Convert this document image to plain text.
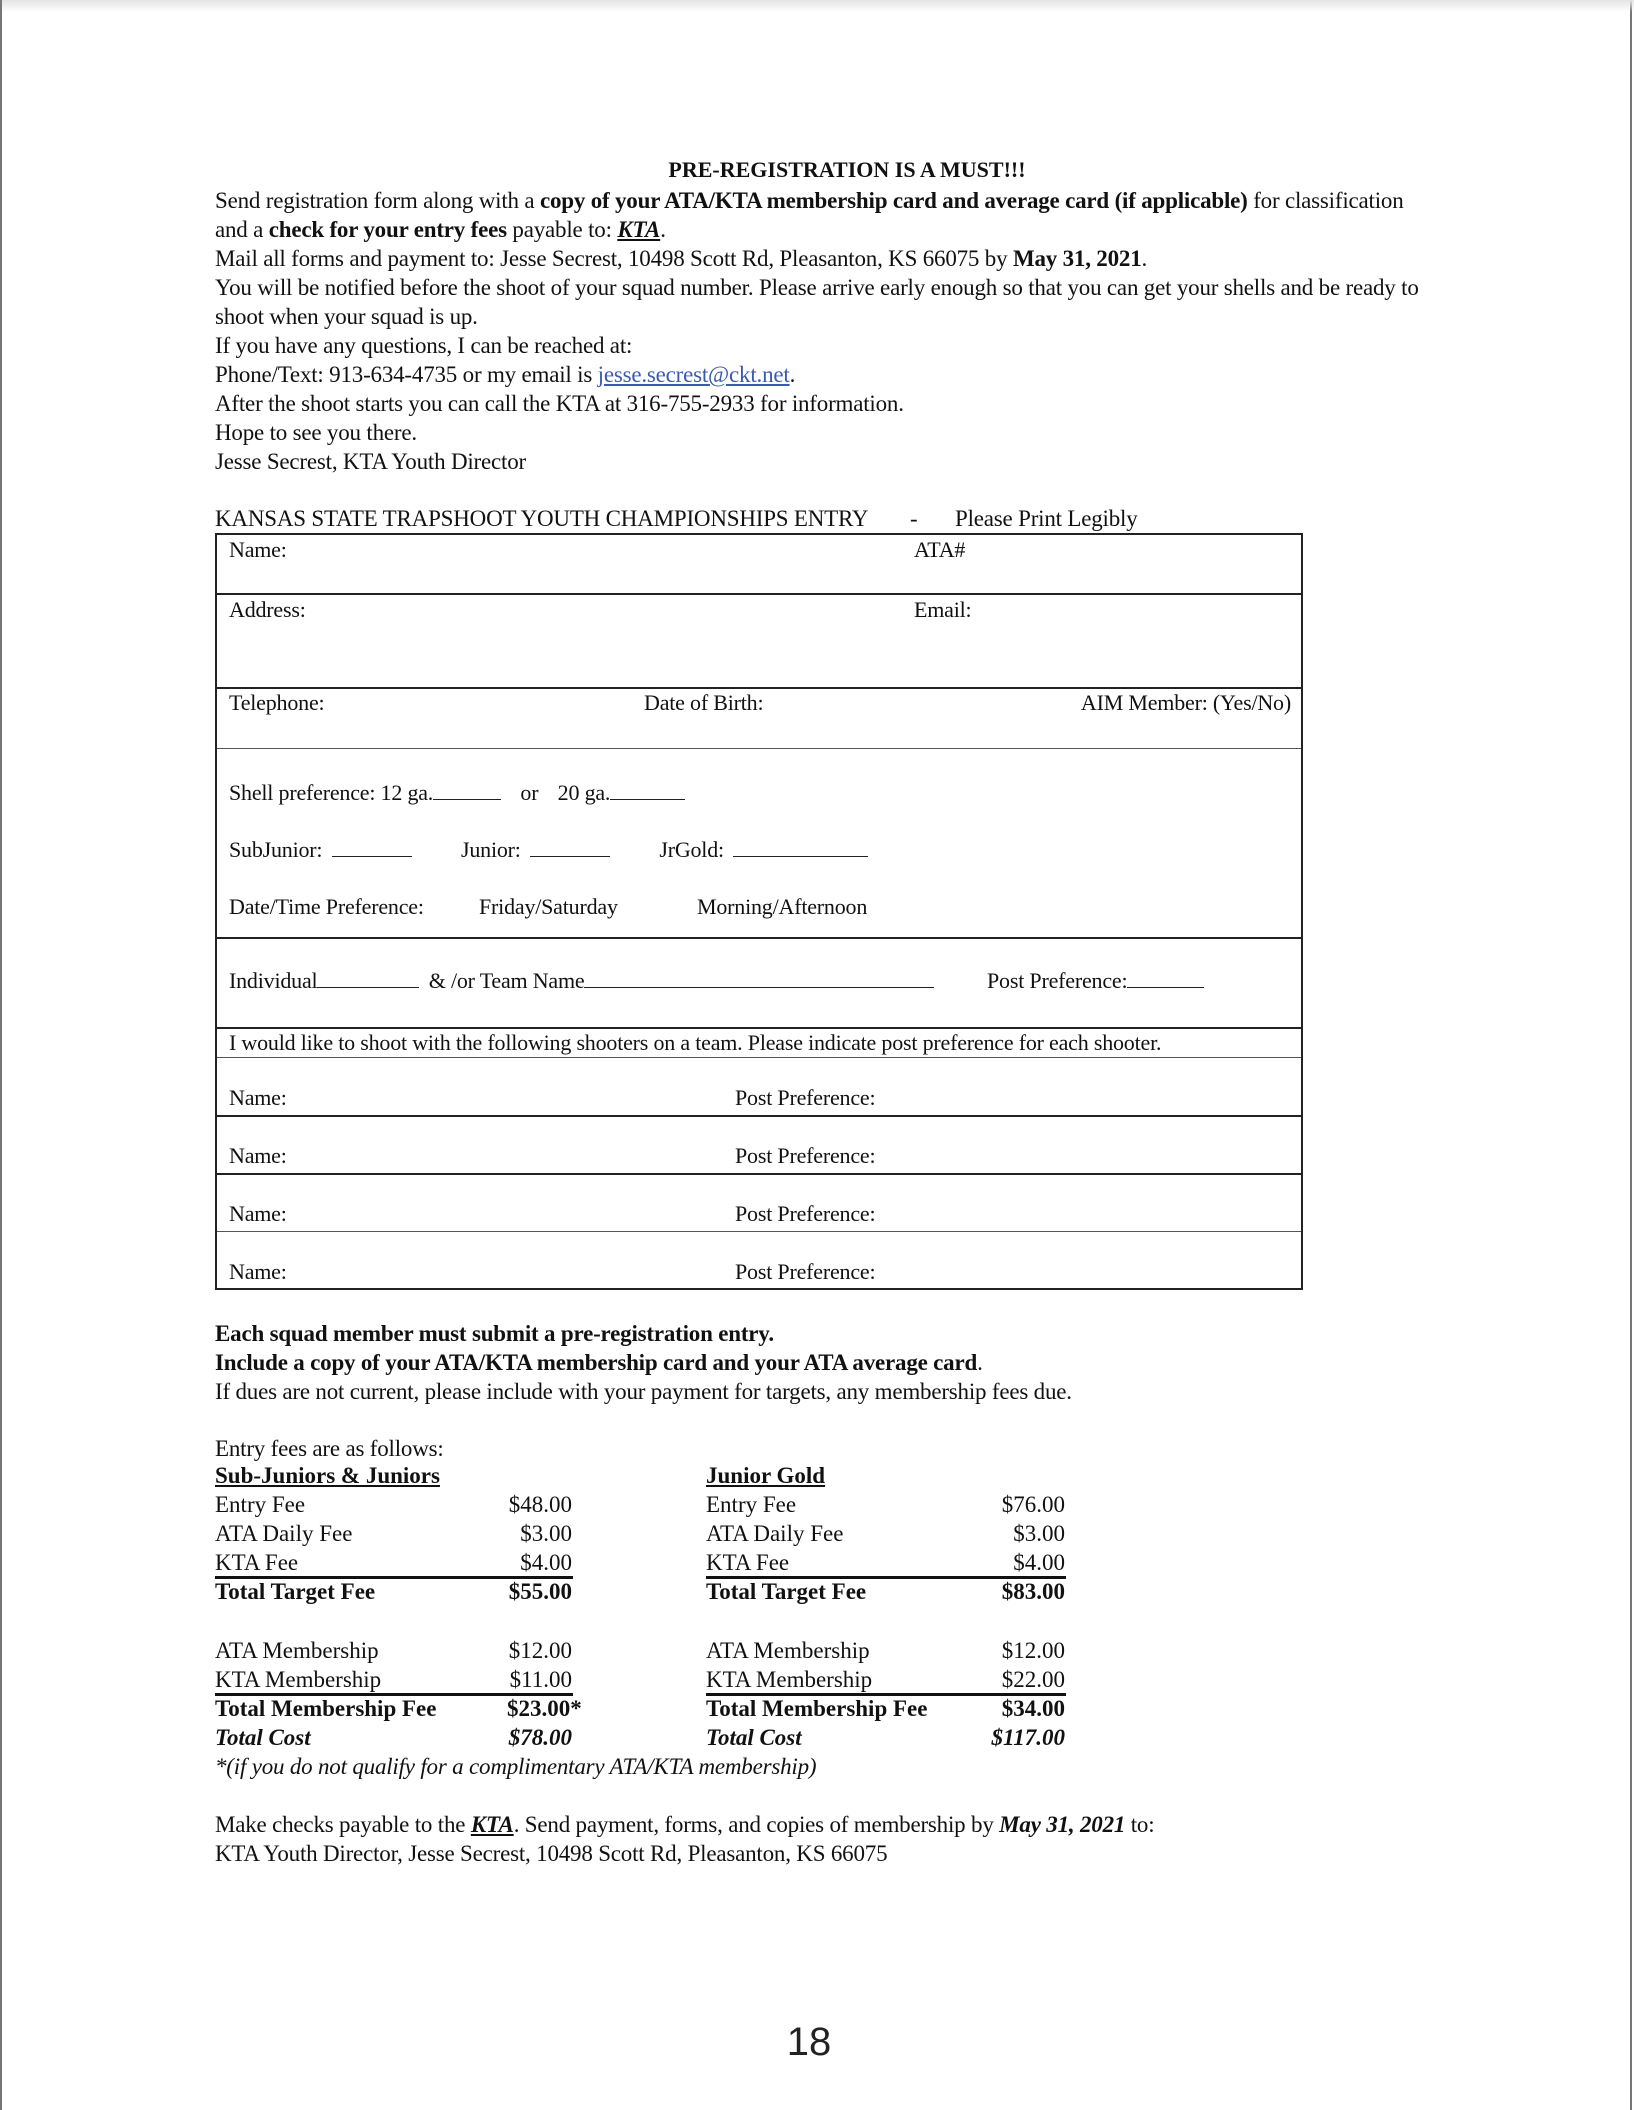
PRE-REGISTRATION IS A MUST!!!
Send registration form along with a copy of your ATA/KTA membership card and average card (if applicable) for classification
and a check for your entry fees payable to: KTA.
Mail all forms and payment to: Jesse Secrest, 10498 Scott Rd, Pleasanton, KS 66075 by May 31, 2021.
You will be notified before the shoot of your squad number. Please arrive early enough so that you can get your shells and be ready to
shoot when your squad is up.
If you have any questions, I can be reached at:
Phone/Text: 913-634-4735 or my email is jesse.secrest@ckt.net.
After the shoot starts you can call the KTA at 316-755-2933 for information.
Hope to see you there.
Jesse Secrest, KTA Youth Director
KANSAS STATE TRAPSHOOT YOUTH CHAMPIONSHIPS ENTRY - Please Print Legibly
Name:	ATA#
Address:	Email:
Telephone:	Date of Birth:	AIM Member: (Yes/No)
Shell preference: 12 ga.	or 20 ga.
SubJunior:	Junior:	JrGold:
Date/Time Preference:	Friday/Saturday	Morning/Afternoon
Individual	& /or Team Name	Post Preference:
I would like to shoot with the following shooters on a team. Please indicate post preference for each shooter.
Name:	Post Preference:
Name:	Post Preference:
Name:	Post Preference:
Name:	Post Preference:
Each squad member must submit a pre-registration entry.
Include a copy of your ATA/KTA membership card and your ATA average card.
If dues are not current, please include with your payment for targets, any membership fees due.
Entry fees are as follows:
Sub-Juniors & Juniors
Entry Fee	$48.00
ATA Daily Fee	$3.00
KTA Fee	$4.00
Total Target Fee	$55.00
ATA Membership	$12.00
KTA Membership	$11.00
Total Membership Fee	$23.00*
Total Cost	$78.00
Junior Gold
Entry Fee	$76.00
ATA Daily Fee	$3.00
KTA Fee	$4.00
Total Target Fee	$83.00
ATA Membership	$12.00
KTA Membership	$22.00
Total Membership Fee	$34.00
Total Cost	$117.00
*(if you do not qualify for a complimentary ATA/KTA membership)
Make checks payable to the KTA. Send payment, forms, and copies of membership by May 31, 2021 to:
KTA Youth Director, Jesse Secrest, 10498 Scott Rd, Pleasanton, KS 66075
18
